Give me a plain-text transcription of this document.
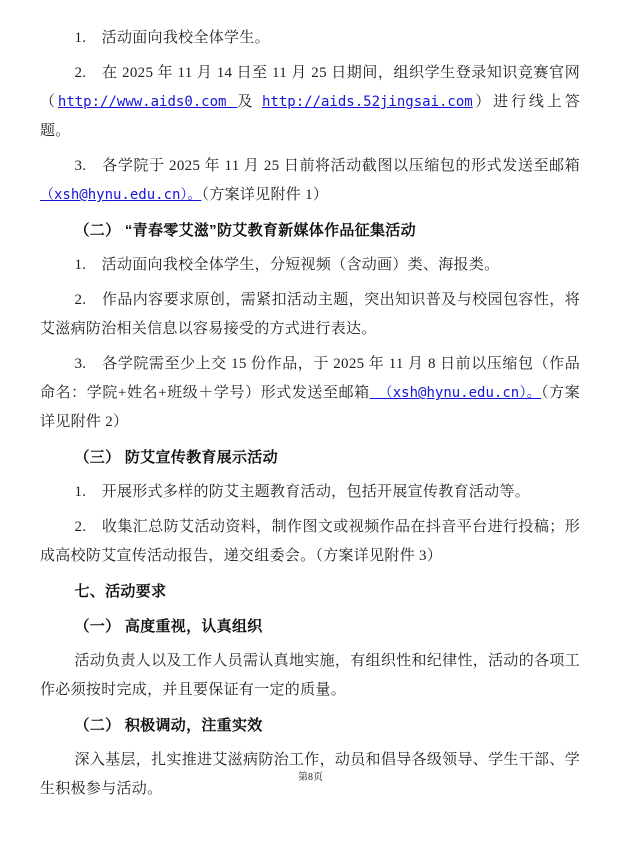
1.　活动面向我校全体学生。

2.　在 2025 年 11 月 14 日至 11 月 25 日期间，组织学生登录知识竞赛官网（http://www.aids0.com 及 http://aids.52jingsai.com）进行线上答题。

3.　各学院于 2025 年 11 月 25 日前将活动截图以压缩包的形式发送至邮箱 （xsh@hynu.edu.cn）。（方案详见附件 1）

（二） “青春零艾滋”防艾教育新媒体作品征集活动

1.　活动面向我校全体学生，分短视频（含动画）类、海报类。

2.　作品内容要求原创，需紧扣活动主题，突出知识普及与校园包容性，将艾滋病防治相关信息以容易接受的方式进行表达。

3.　各学院需至少上交 15 份作品，于 2025 年 11 月 8 日前以压缩包（作品命名：学院+姓名+班级＋学号）形式发送至邮箱 （xsh@hynu.edu.cn）。（方案详见附件 2）

（三） 防艾宣传教育展示活动

1.　开展形式多样的防艾主题教育活动，包括开展宣传教育活动等。

2.　收集汇总防艾活动资料，制作图文或视频作品在抖音平台进行投稿；形成高校防艾宣传活动报告，递交组委会。（方案详见附件 3）

七、活动要求

（一） 高度重视，认真组织

活动负责人以及工作人员需认真地实施，有组织性和纪律性，活动的各项工作必须按时完成，并且要保证有一定的质量。

（二） 积极调动，注重实效

深入基层，扎实推进艾滋病防治工作，动员和倡导各级领导、学生干部、学生积极参与活动。

第8页
